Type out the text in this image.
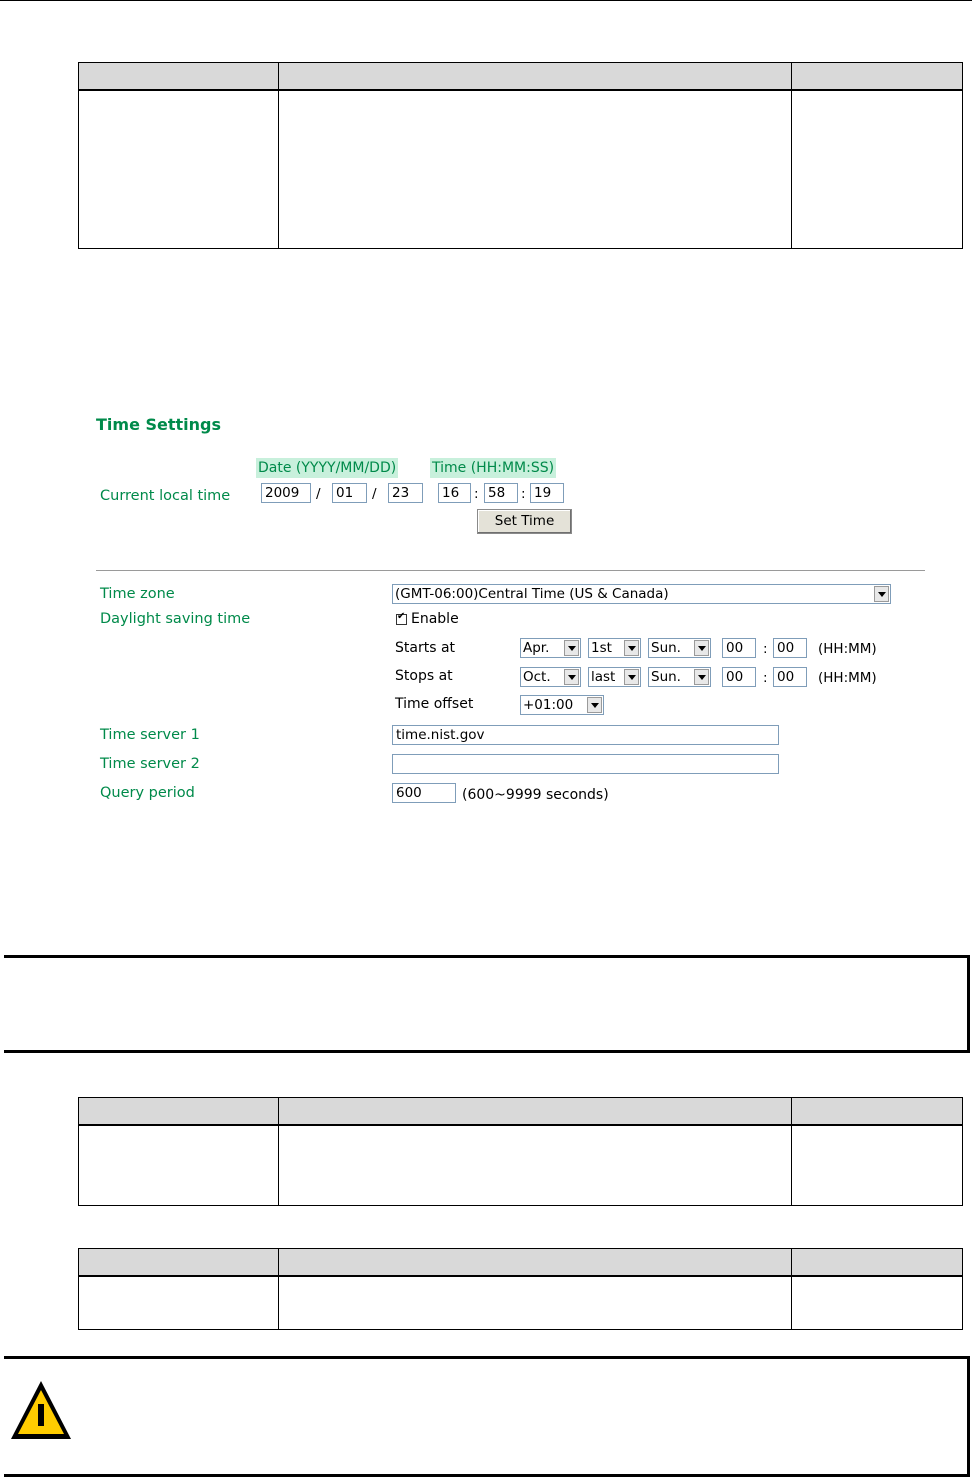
Time Settings
Date (YYYY/MM/DD)	Time (HH:MM:SS)
Current local time	2009	/ 01	/ 23	16	: 58	: 19
Set Time
Time zone	(GMT-06:00)Central Time (US & Canada)
Daylight saving time
✔	Enable
Starts at	Apr.	1st	Sun.	00	: 00	(HH:MM)
Stops at	Oct.	last	Sun.	00	: 00	(HH:MM)
Time offset	+01:00
Time server 1	time.nist.gov
Time server 2
Query period	600	(600~9999 seconds)
